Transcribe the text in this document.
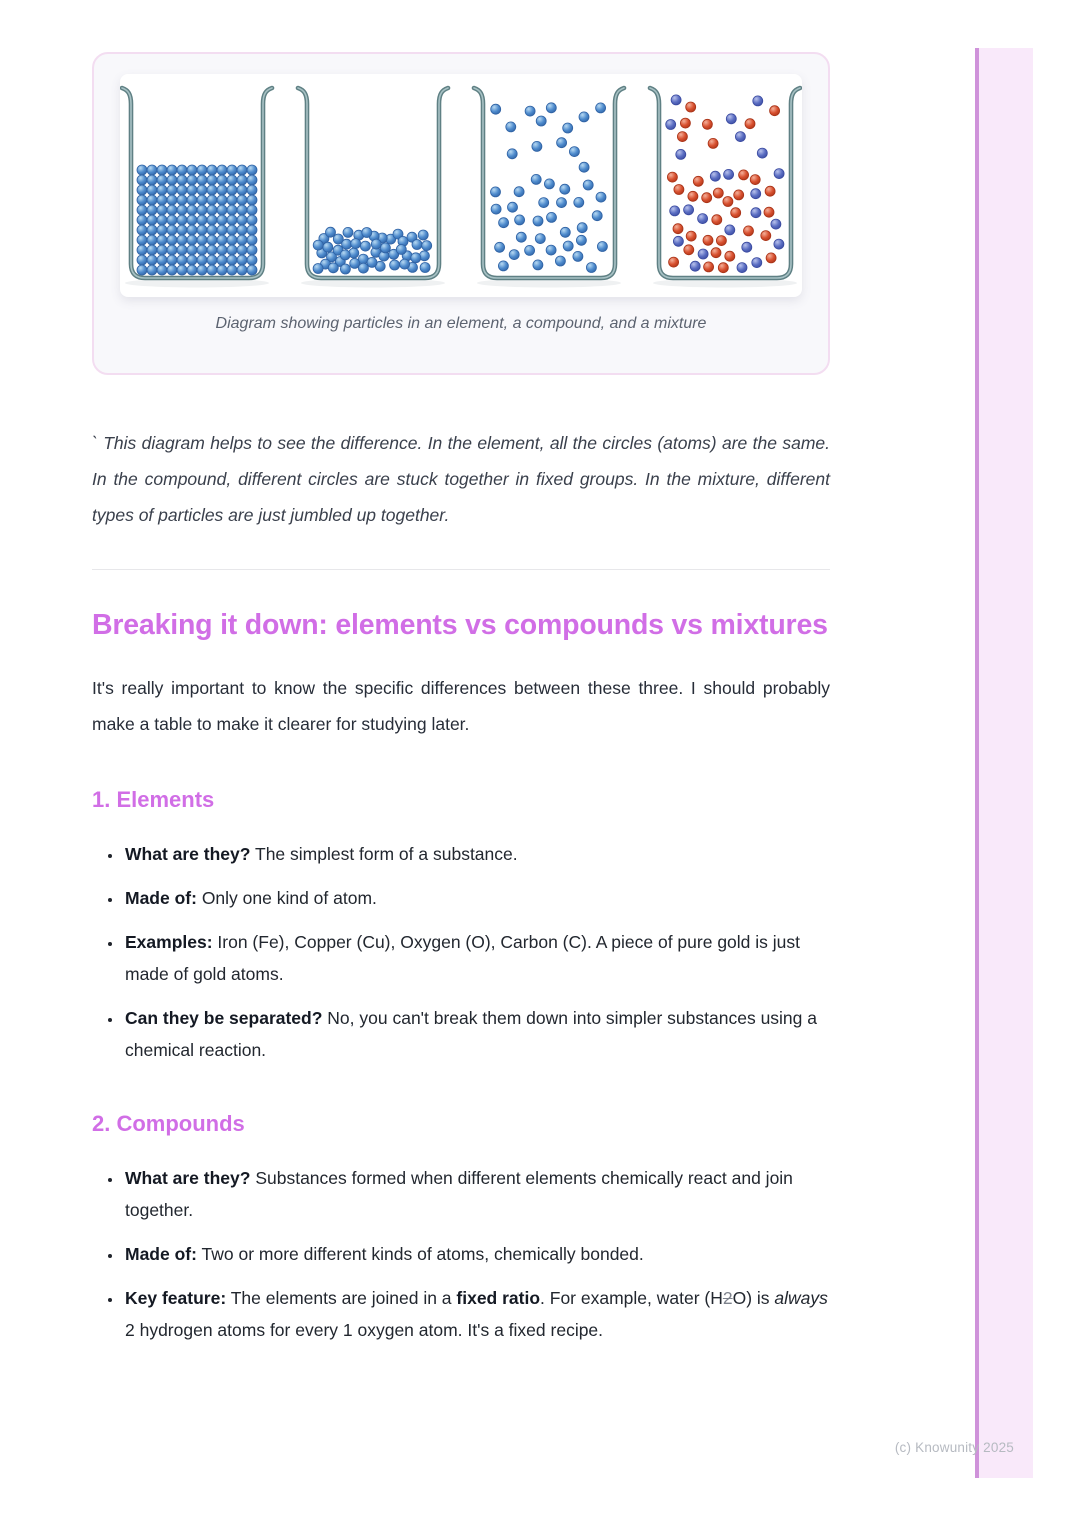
Diagram showing particles in an element, a compound, and a mixture

` This diagram helps to see the difference. In the element, all the circles (atoms) are the same. In the compound, different circles are stuck together in fixed groups. In the mixture, different types of particles are just jumbled up together.

Breaking it down: elements vs compounds vs mixtures

It's really important to know the specific differences between these three. I should probably make a table to make it clearer for studying later.

1. Elements
• What are they? The simplest form of a substance.
• Made of: Only one kind of atom.
• Examples: Iron (Fe), Copper (Cu), Oxygen (O), Carbon (C). A piece of pure gold is just made of gold atoms.
• Can they be separated? No, you can't break them down into simpler substances using a chemical reaction.
2. Compounds
• What are they? Substances formed when different elements chemically react and join together.
• Made of: Two or more different kinds of atoms, chemically bonded.
• Key feature: The elements are joined in a fixed ratio. For example, water (H2O) is always 2 hydrogen atoms for every 1 oxygen atom. It's a fixed recipe.
(c) Knowunity 2025
